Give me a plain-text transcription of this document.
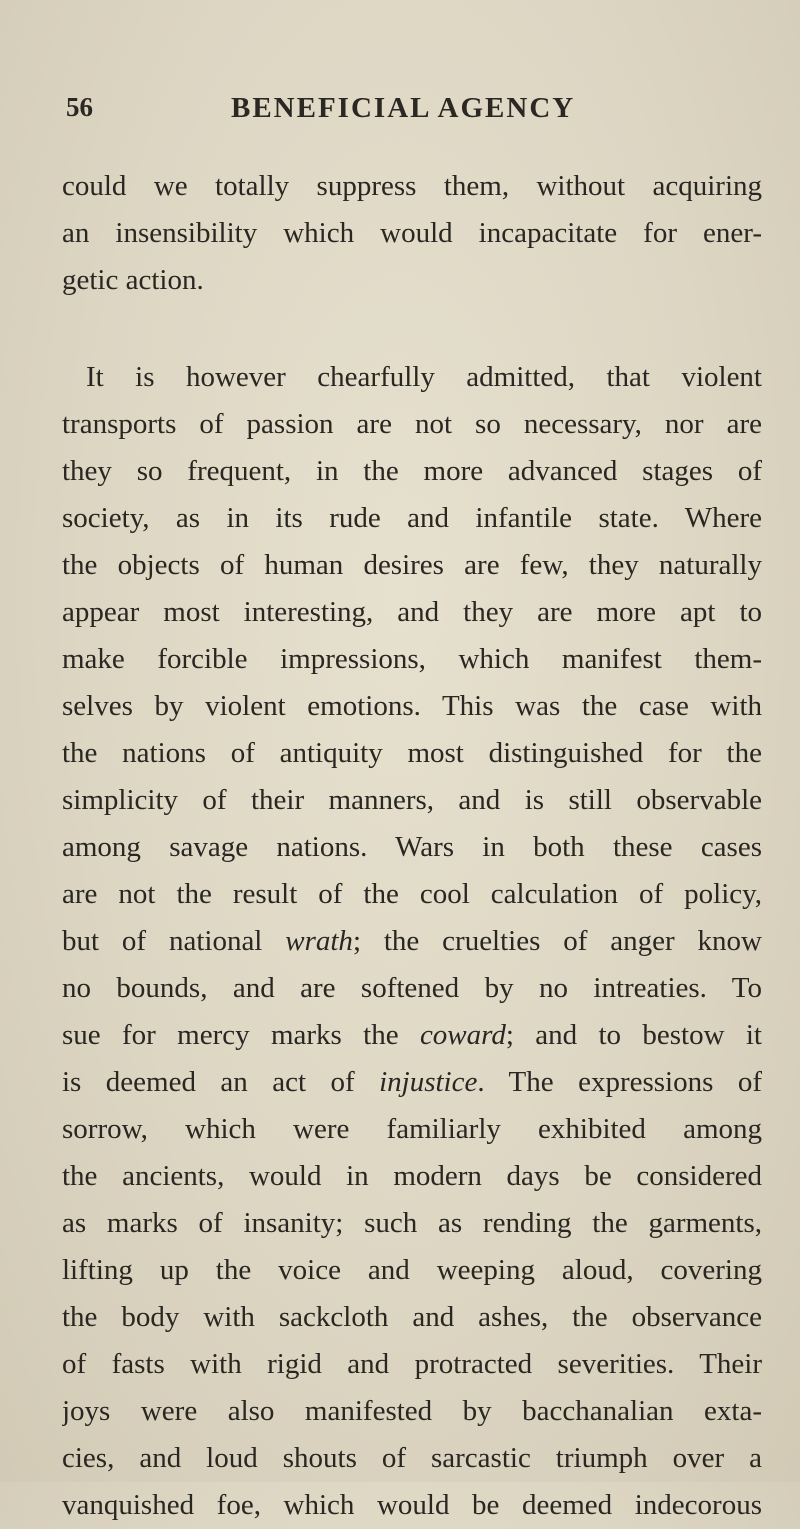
56	BENEFICIAL AGENCY
could we totally suppress them, without acquiring
an insensibility which would incapacitate for ener-
getic action.
It is however chearfully admitted, that violent
transports of passion are not so necessary, nor are
they so frequent, in the more advanced stages of
society, as in its rude and infantile state. Where
the objects of human desires are few, they naturally
appear most interesting, and they are more apt to
make forcible impressions, which manifest them-
selves by violent emotions. This was the case with
the nations of antiquity most distinguished for the
simplicity of their manners, and is still observable
among savage nations. Wars in both these cases
are not the result of the cool calculation of policy,
but of national wrath; the cruelties of anger know
no bounds, and are softened by no intreaties. To
sue for mercy marks the coward; and to bestow it
is deemed an act of injustice. The expressions of
sorrow, which were familiarly exhibited among
the ancients, would in modern days be considered
as marks of insanity; such as rending the garments,
lifting up the voice and weeping aloud, covering
the body with sackcloth and ashes, the observance
of fasts with rigid and protracted severities. Their
joys were also manifested by bacchanalian exta-
cies, and loud shouts of sarcastic triumph over a
vanquished foe, which would be deemed indecorous
